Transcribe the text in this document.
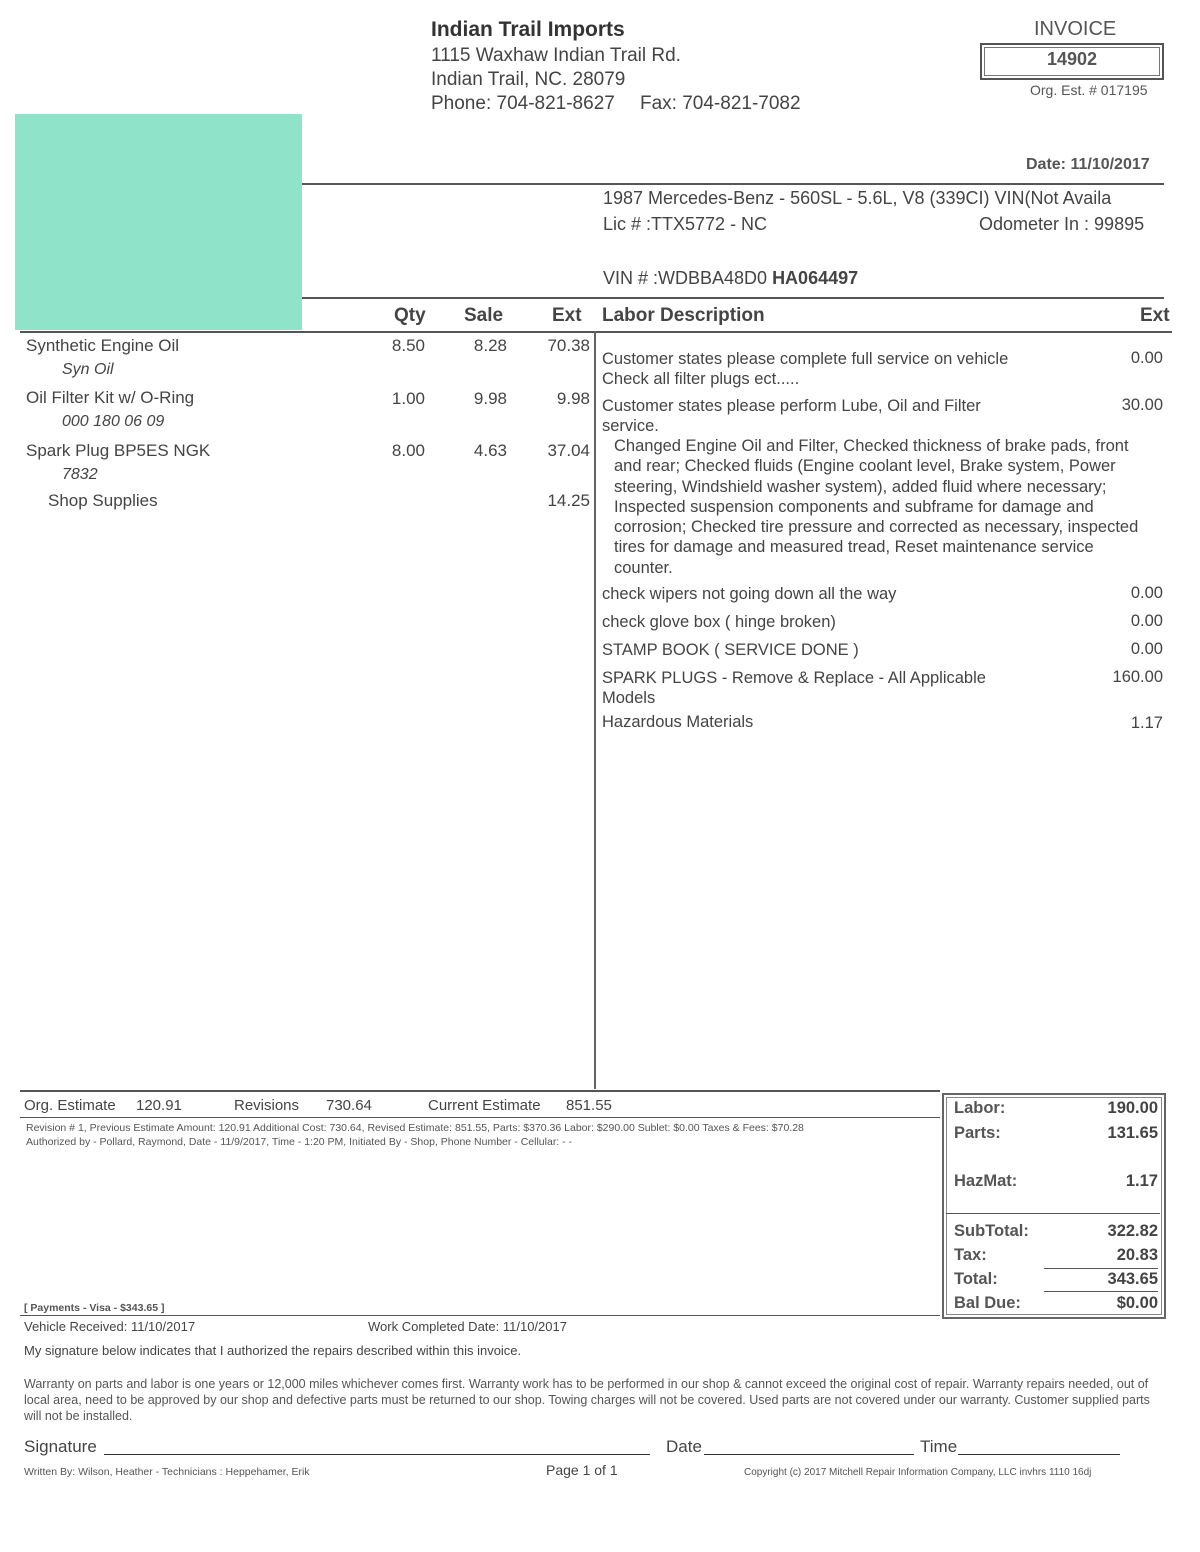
Indian Trail Imports
1115 Waxhaw Indian Trail Rd.
Indian Trail, NC. 28079
Phone: 704-821-8627 Fax: 704-821-7082
INVOICE
14902
Org. Est. # 017195
Date: 11/10/2017
1987 Mercedes-Benz - 560SL - 5.6L, V8 (339CI) VIN(Not Availa
Lic # :TTX5772 - NC	Odometer In : 99895
VIN # :WDBBA48D0 HA064497
Qty Sale	Ext Labor Description	Ext
Synthetic Engine Oil
Syn Oil
8.50	8.28	70.38
Oil Filter Kit w/ O-Ring
000 180 06 09
1.00	9.98	9.98
Spark Plug BP5ES NGK
7832
8.00	4.63	37.04
Shop Supplies	14.25
Customer states please complete full service on vehicle
Check all filter plugs ect.....
0.00
Customer states please perform Lube, Oil and Filter
service.
30.00
Changed Engine Oil and Filter, Checked thickness of brake pads, front and rear; Checked fluids (Engine coolant level, Brake system, Power steering, Windshield washer system), added fluid where necessary; Inspected suspension components and subframe for damage and corrosion; Checked tire pressure and corrected as necessary, inspected tires for damage and measured tread, Reset maintenance service counter.
check wipers not going down all the way	0.00
check glove box ( hinge broken)	0.00
STAMP BOOK ( SERVICE DONE )	0.00
SPARK PLUGS - Remove & Replace - All Applicable
Models
160.00
Hazardous Materials	1.17
Org. Estimate 120.91	Revisions 730.64	Current Estimate 851.55
Revision # 1, Previous Estimate Amount: 120.91 Additional Cost: 730.64, Revised Estimate: 851.55, Parts: $370.36 Labor: $290.00 Sublet: $0.00 Taxes & Fees: $70.28
Authorized by - Pollard, Raymond, Date - 11/9/2017, Time - 1:20 PM, Initiated By - Shop, Phone Number - Cellular: - -
[ Payments - Visa - $343.65 ]
Labor:	190.00
Parts:	131.65
HazMat:	1.17
SubTotal:	322.82
Tax:	20.83
Total:	343.65
Bal Due:	$0.00
Vehicle Received: 11/10/2017	Work Completed Date: 11/10/2017
My signature below indicates that I authorized the repairs described within this invoice.
Warranty on parts and labor is one years or 12,000 miles whichever comes first. Warranty work has to be performed in our shop & cannot exceed the original cost of repair. Warranty repairs needed, out of local area, need to be approved by our shop and defective parts must be returned to our shop. Towing charges will not be covered. Used parts are not covered under our warranty. Customer supplied parts will not be installed.
Signature	Date	Time
Written By: Wilson, Heather - Technicians : Heppehamer, Erik	Page 1 of 1	Copyright (c) 2017 Mitchell Repair Information Company, LLC invhrs 1110 16dj
